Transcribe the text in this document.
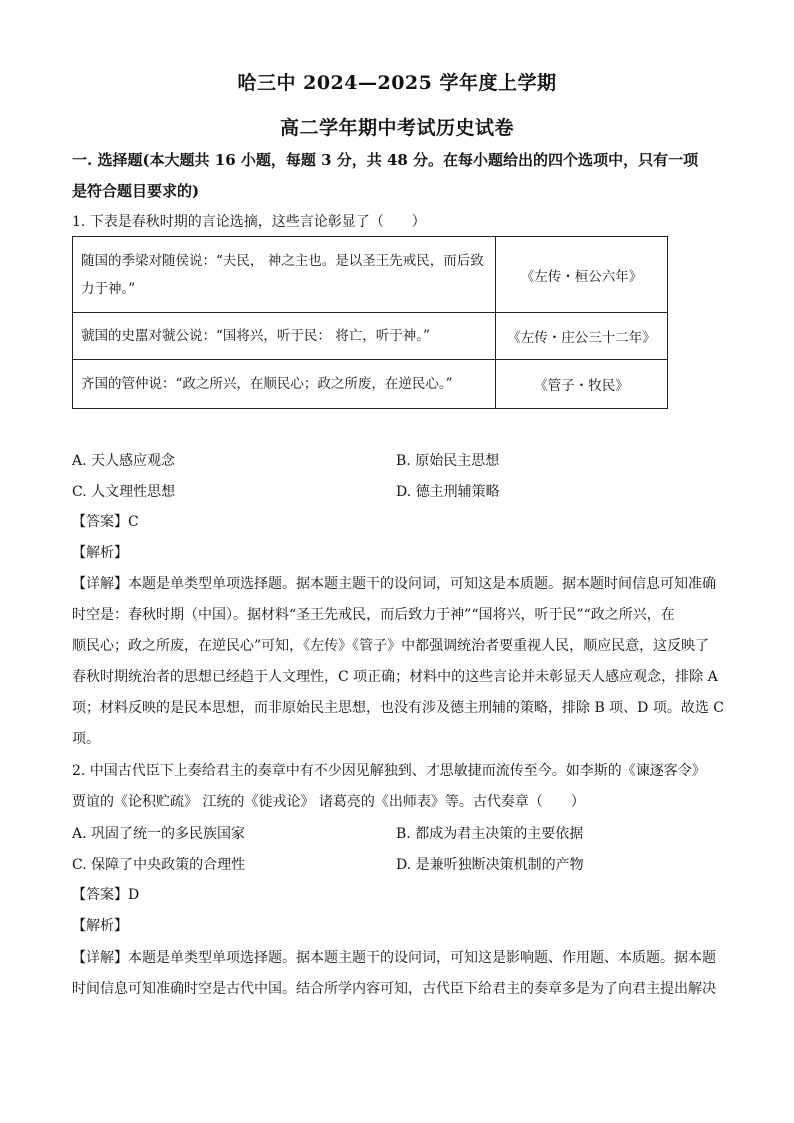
哈三中 2024—2025 学年度上学期
高二学年期中考试历史试卷
一. 选择题(本大题共 16 小题，每题 3 分，共 48 分。在每小题给出的四个选项中，只有一项
是符合题目要求的)
1. 下表是春秋时期的言论选摘，这些言论彰显了（　　）
随国的季梁对随侯说：“夫民， 神之主也。是以圣王先戒民，而后致力于神。”	《左传・桓公六年》
虢国的史嚚对虢公说：“国将兴，听于民： 将亡，听于神。”	《左传・庄公三十二年》
齐国的管仲说：“政之所兴，在顺民心；政之所废，在逆民心。”	《管子・牧民》
A. 天人感应观念	B. 原始民主思想
C. 人文理性思想	D. 德主刑辅策略
【答案】C
【解析】
【详解】本题是单类型单项选择题。据本题主题干的设问词，可知这是本质题。据本题时间信息可知准确
时空是：春秋时期（中国）。据材料“圣王先戒民，而后致力于神”“国将兴，听于民”“政之所兴，在
顺民心；政之所废，在逆民心”可知，《左传》《管子》中都强调统治者要重视人民，顺应民意，这反映了
春秋时期统治者的思想已经趋于人文理性，C 项正确；材料中的这些言论并未彰显天人感应观念，排除 A
项；材料反映的是民本思想，而非原始民主思想，也没有涉及德主刑辅的策略，排除 B 项、D 项。故选 C
项。
2. 中国古代臣下上奏给君主的奏章中有不少因见解独到、才思敏捷而流传至今。如李斯的《谏逐客令》
贾谊的《论积贮疏》 江统的《徙戎论》 诸葛亮的《出师表》等。古代奏章（　　）
A. 巩固了统一的多民族国家	B. 都成为君主决策的主要依据
C. 保障了中央政策的合理性	D. 是兼听独断决策机制的产物
【答案】D
【解析】
【详解】本题是单类型单项选择题。据本题主题干的设问词，可知这是影响题、作用题、本质题。据本题
时间信息可知准确时空是古代中国。结合所学内容可知，古代臣下给君主的奏章多是为了向君主提出解决
